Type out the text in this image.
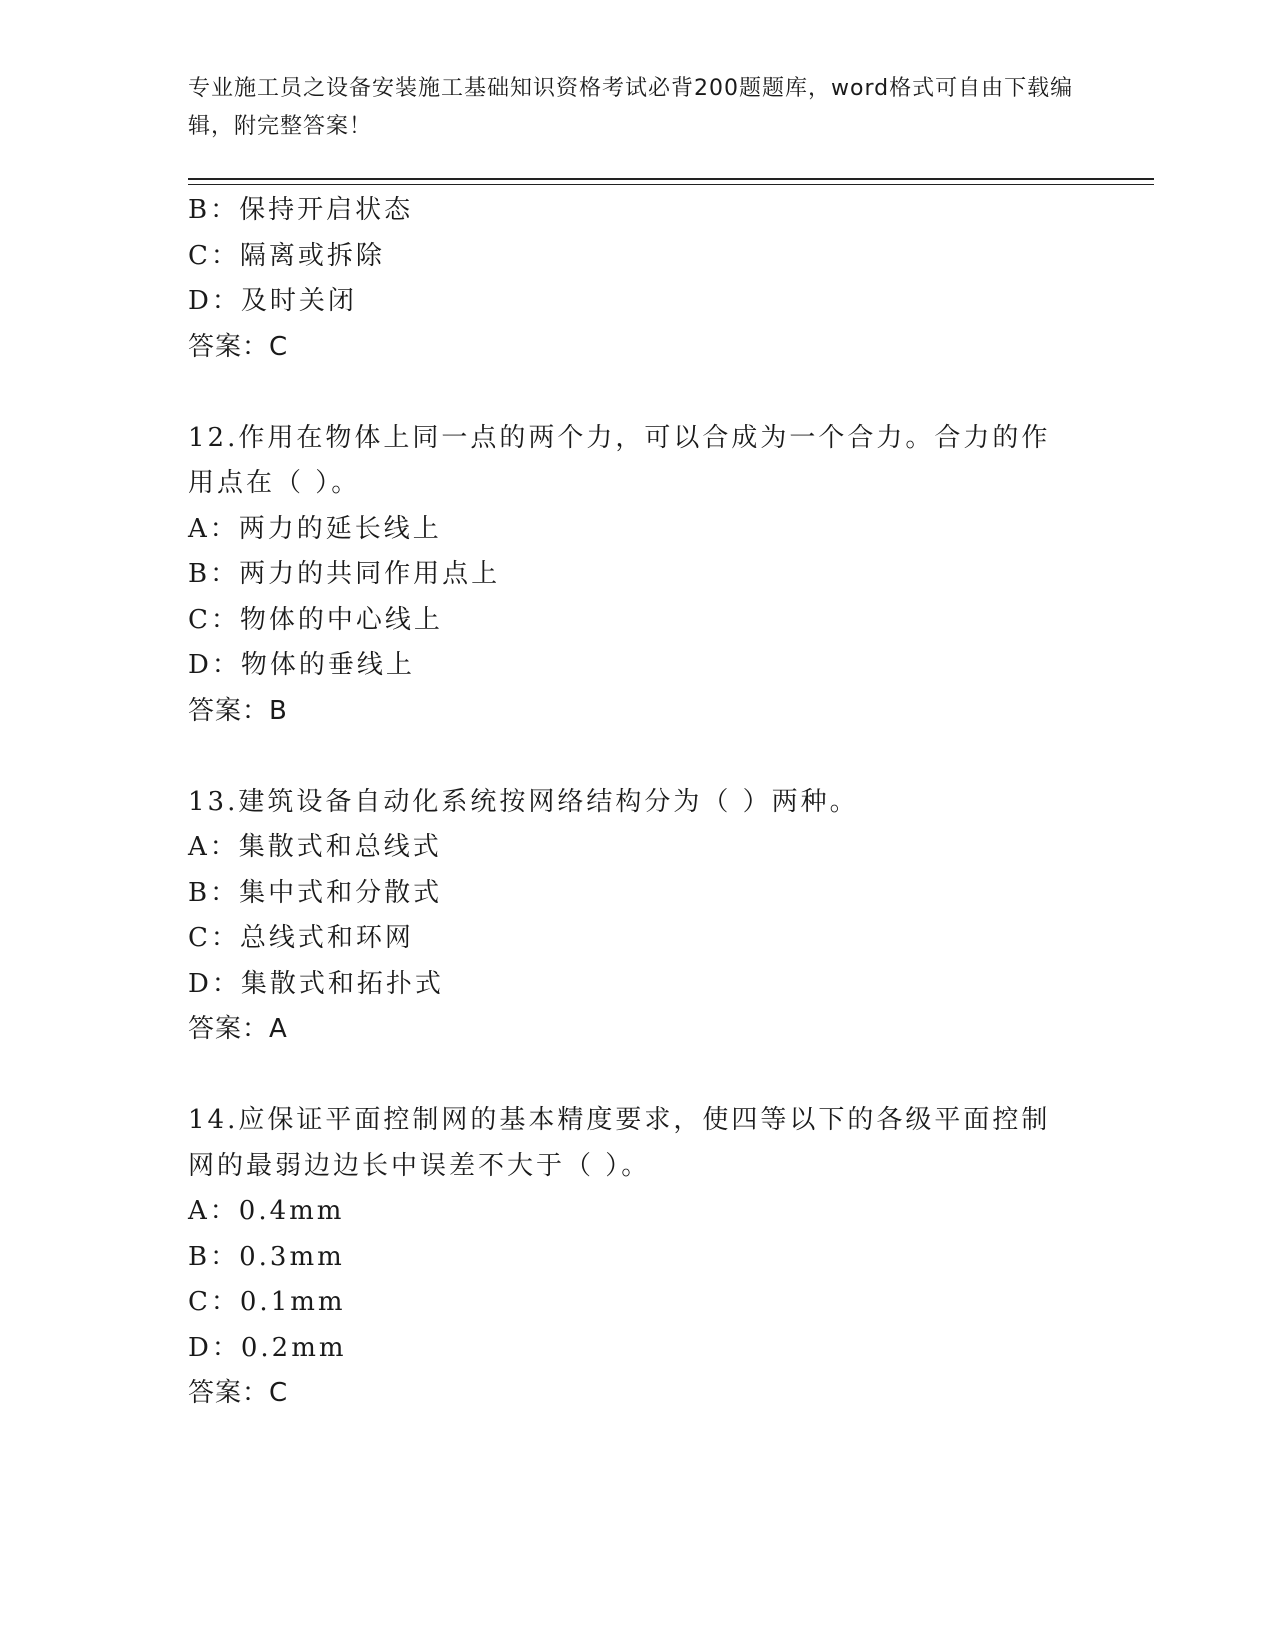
专业施工员之设备安装施工基础知识资格考试必背200题题库，word格式可自由下载编辑，附完整答案！
B：保持开启状态
C：隔离或拆除
D：及时关闭
答案：C
12.作用在物体上同一点的两个力，可以合成为一个合力。合力的作用点在（ ）。
A：两力的延长线上
B：两力的共同作用点上
C：物体的中心线上
D：物体的垂线上
答案：B
13.建筑设备自动化系统按网络结构分为（ ）两种。
A：集散式和总线式
B：集中式和分散式
C：总线式和环网
D：集散式和拓扑式
答案：A
14.应保证平面控制网的基本精度要求，使四等以下的各级平面控制网的最弱边边长中误差不大于（ ）。
A：0.4mm
B：0.3mm
C：0.1mm
D：0.2mm
答案：C
